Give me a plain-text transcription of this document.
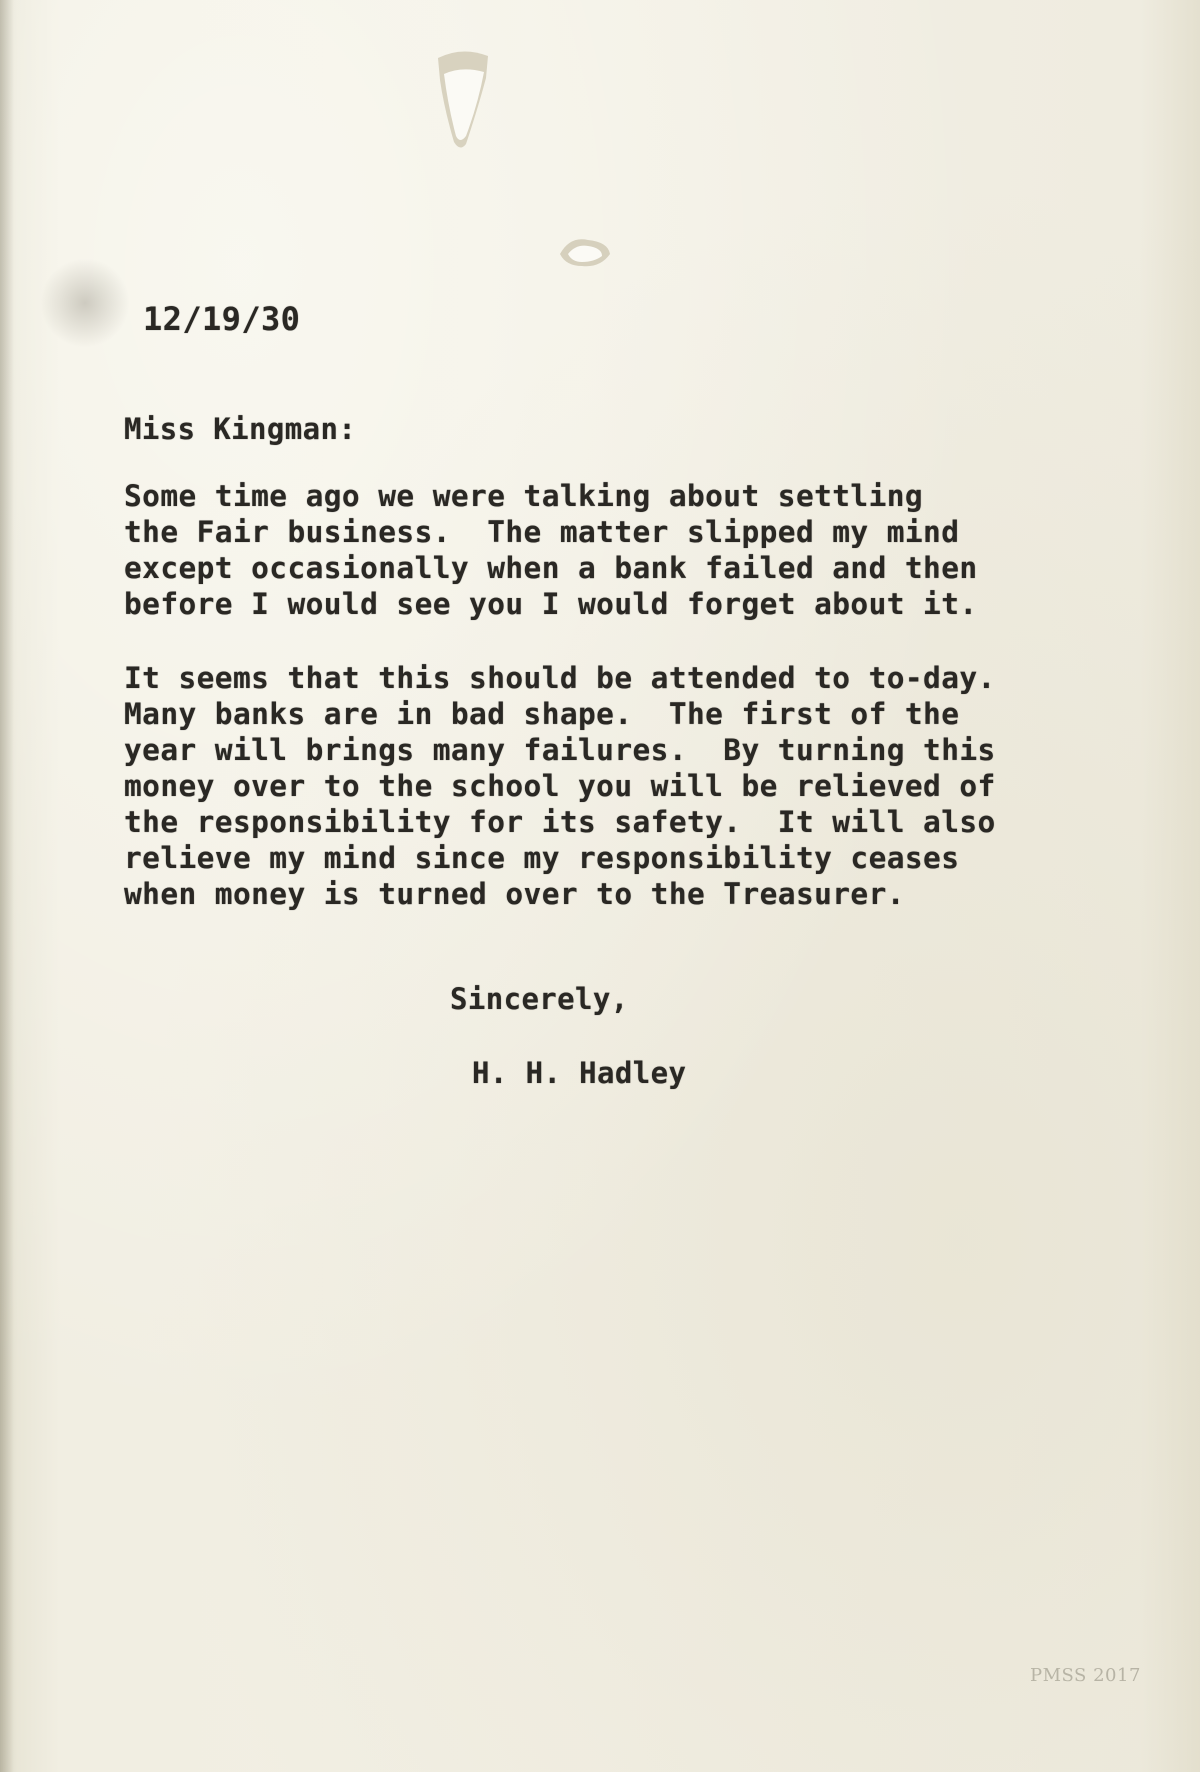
12/19/30

Miss Kingman:

Some time ago we were talking about settling
the Fair business.  The matter slipped my mind
except occasionally when a bank failed and then
before I would see you I would forget about it.

It seems that this should be attended to to-day.
Many banks are in bad shape.  The first of the
year will brings many failures.  By turning this
money over to the school you will be relieved of
the responsibility for its safety.  It will also
relieve my mind since my responsibility ceases
when money is turned over to the Treasurer.

Sincerely,

H. H. Hadley

PMSS 2017
